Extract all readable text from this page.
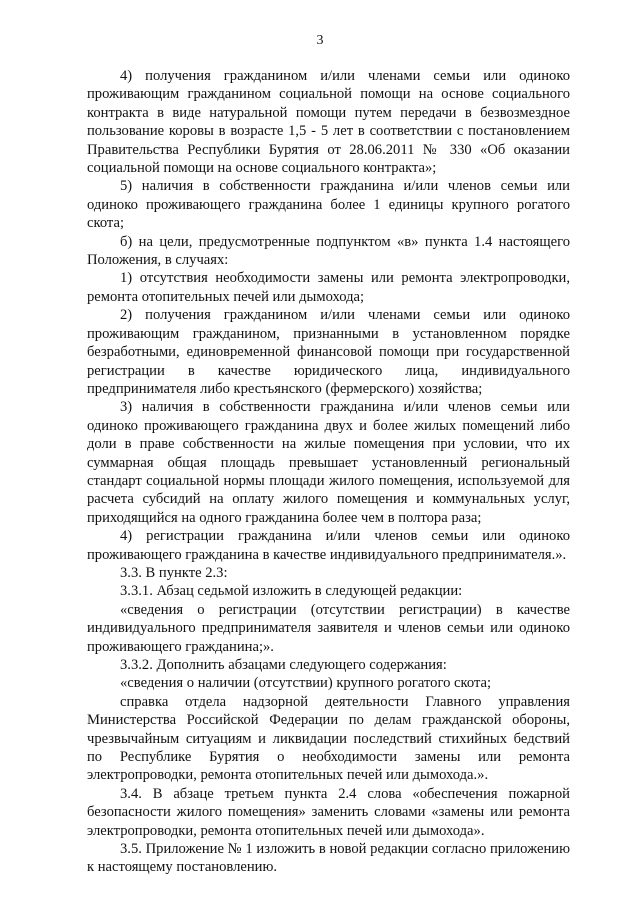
3

4) получения гражданином и/или членами семьи или одиноко проживающим гражданином социальной помощи на основе социального контракта в виде натуральной помощи путем передачи в безвозмездное пользование коровы в возрасте 1,5 - 5 лет в соответствии с постановлением Правительства Республики Бурятия от 28.06.2011 № 330 «Об оказании социальной помощи на основе социального контракта»;

5) наличия в собственности гражданина и/или членов семьи или одиноко проживающего гражданина более 1 единицы крупного рогатого скота;

б) на цели, предусмотренные подпунктом «в» пункта 1.4 настоящего Положения, в случаях:

1) отсутствия необходимости замены или ремонта электропроводки, ремонта отопительных печей или дымохода;

2) получения гражданином и/или членами семьи или одиноко проживающим гражданином, признанными в установленном порядке безработными, единовременной финансовой помощи при государственной регистрации в качестве юридического лица, индивидуального предпринимателя либо крестьянского (фермерского) хозяйства;

3) наличия в собственности гражданина и/или членов семьи или одиноко проживающего гражданина двух и более жилых помещений либо доли в праве собственности на жилые помещения при условии, что их суммарная общая площадь превышает установленный региональный стандарт социальной нормы площади жилого помещения, используемой для расчета субсидий на оплату жилого помещения и коммунальных услуг, приходящийся на одного гражданина более чем в полтора раза;

4) регистрации гражданина и/или членов семьи или одиноко проживающего гражданина в качестве индивидуального предпринимателя.».

3.3. В пункте 2.3:

3.3.1. Абзац седьмой изложить в следующей редакции:

«сведения о регистрации (отсутствии регистрации) в качестве индивидуального предпринимателя заявителя и членов семьи или одиноко проживающего гражданина;».

3.3.2. Дополнить абзацами следующего содержания:

«сведения о наличии (отсутствии) крупного рогатого скота;

справка отдела надзорной деятельности Главного управления Министерства Российской Федерации по делам гражданской обороны, чрезвычайным ситуациям и ликвидации последствий стихийных бедствий по Республике Бурятия о необходимости замены или ремонта электропроводки, ремонта отопительных печей или дымохода.».

3.4. В абзаце третьем пункта 2.4 слова «обеспечения пожарной безопасности жилого помещения» заменить словами «замены или ремонта электропроводки, ремонта отопительных печей или дымохода».

3.5. Приложение № 1 изложить в новой редакции согласно приложению к настоящему постановлению.
